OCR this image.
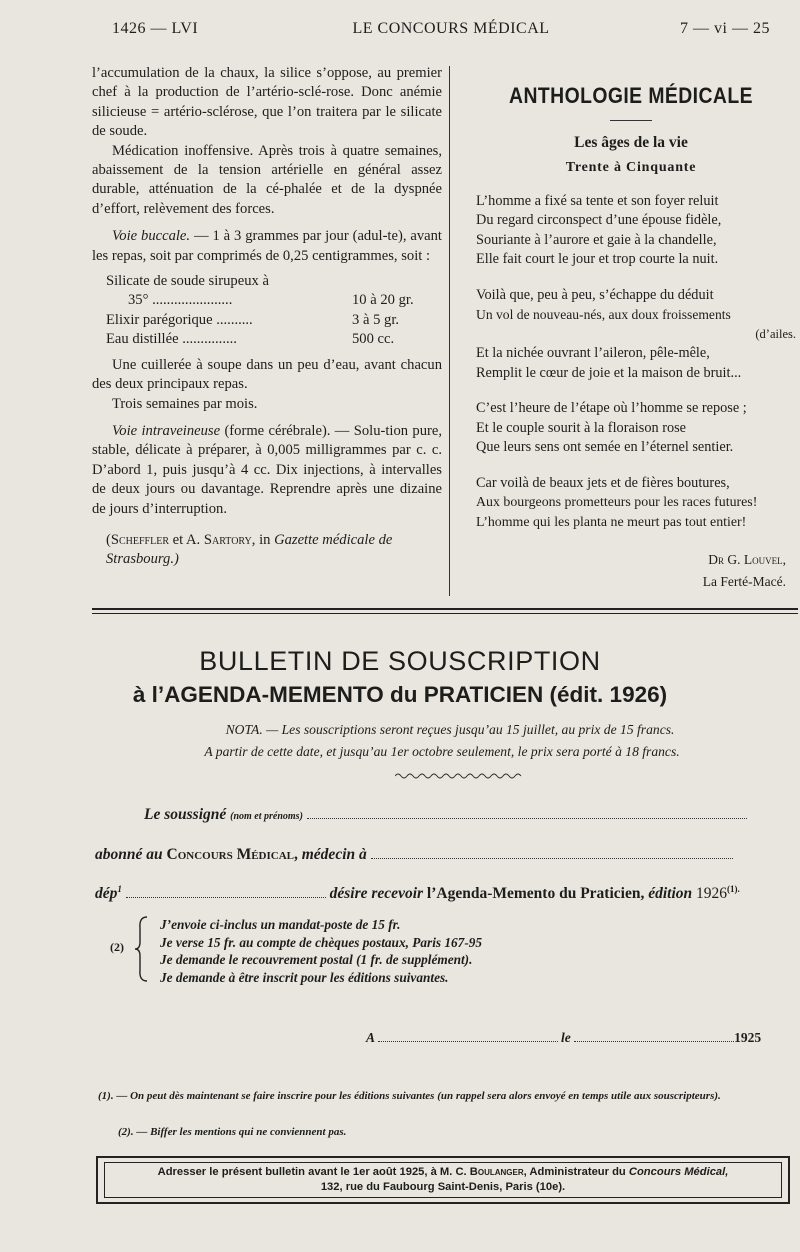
1426 — LVI	LE CONCOURS MÉDICAL	7 — vi — 25

l’accumulation de la chaux, la silice s’oppose, au premier chef à la production de l’artério-sclé-rose. Donc anémie silicieuse = artério-sclérose, que l’on traitera par le silicate de soude.

Médication inoffensive. Après trois à quatre semaines, abaissement de la tension artérielle en général assez durable, atténuation de la cé-phalée et de la dyspnée d’effort, relèvement des forces.

Voie buccale. — 1 à 3 grammes par jour (adul-te), avant les repas, soit par comprimés de 0,25 centigrammes, soit :

Silicate de soude sirupeux à
35° ......................	10 à 20 gr.
Elixir parégorique ..........	3 à 5 gr.
Eau distillée ...............	500 cc.

Une cuillerée à soupe dans un peu d’eau, avant chacun des deux principaux repas.

Trois semaines par mois.

Voie intraveineuse (forme cérébrale). — Solu-tion pure, stable, délicate à préparer, à 0,005 milligrammes par c. c. D’abord 1, puis jusqu’à 4 cc. Dix injections, à intervalles de deux jours ou davantage. Reprendre après une dizaine de jours d’interruption.

(Scheffler et A. Sartory, in Gazette médicale de Strasbourg.)

ANTHOLOGIE MÉDICALE
Les âges de la vie
Trente à Cinquante

L’homme a fixé sa tente et son foyer reluit

Du regard circonspect d’une épouse fidèle,

Souriante à l’aurore et gaie à la chandelle,

Elle fait court le jour et trop courte la nuit.

Voilà que, peu à peu, s’échappe du déduit

Un vol de nouveau-nés, aux doux froissements

(d’ailes.

Et la nichée ouvrant l’aileron, pêle-mêle,

Remplit le cœur de joie et la maison de bruit...

C’est l’heure de l’étape où l’homme se repose ;

Et le couple sourit à la floraison rose

Que leurs sens ont semée en l’éternel sentier.

Car voilà de beaux jets et de fières boutures,

Aux bourgeons prometteurs pour les races futures!

L’homme qui les planta ne meurt pas tout entier!

Dr G. Louvel,
La Ferté-Macé.
BULLETIN DE SOUSCRIPTION
à l’AGENDA-MEMENTO du PRATICIEN (édit. 1926)
NOTA. — Les souscriptions seront reçues jusqu’au 15 juillet, au prix de 15 francs.
A partir de cette date, et jusqu’au 1er octobre seulement, le prix sera porté à 18 francs.
Le soussigné (nom et prénoms)
abonné au Concours Médical, médecin à
dép$^1$	désire recevoir l’Agenda-Memento du Praticien, édition $1926^{(1).}$
(2)
J’envoie ci-inclus un mandat-poste de 15 fr.
Je verse 15 fr. au compte de chèques postaux, Paris 167-95
Je demande le recouvrement postal (1 fr. de supplément).
Je demande à être inscrit pour les éditions suivantes.
A	le	1925
(1). — On peut dès maintenant se faire inscrire pour les éditions suivantes (un rappel sera alors envoyé en temps utile aux souscripteurs).
(2). — Biffer les mentions qui ne conviennent pas.
Adresser le présent bulletin avant le 1er août 1925, à M. C. Boulanger, Administrateur du Concours Médical,
132, rue du Faubourg Saint-Denis, Paris (10e).
